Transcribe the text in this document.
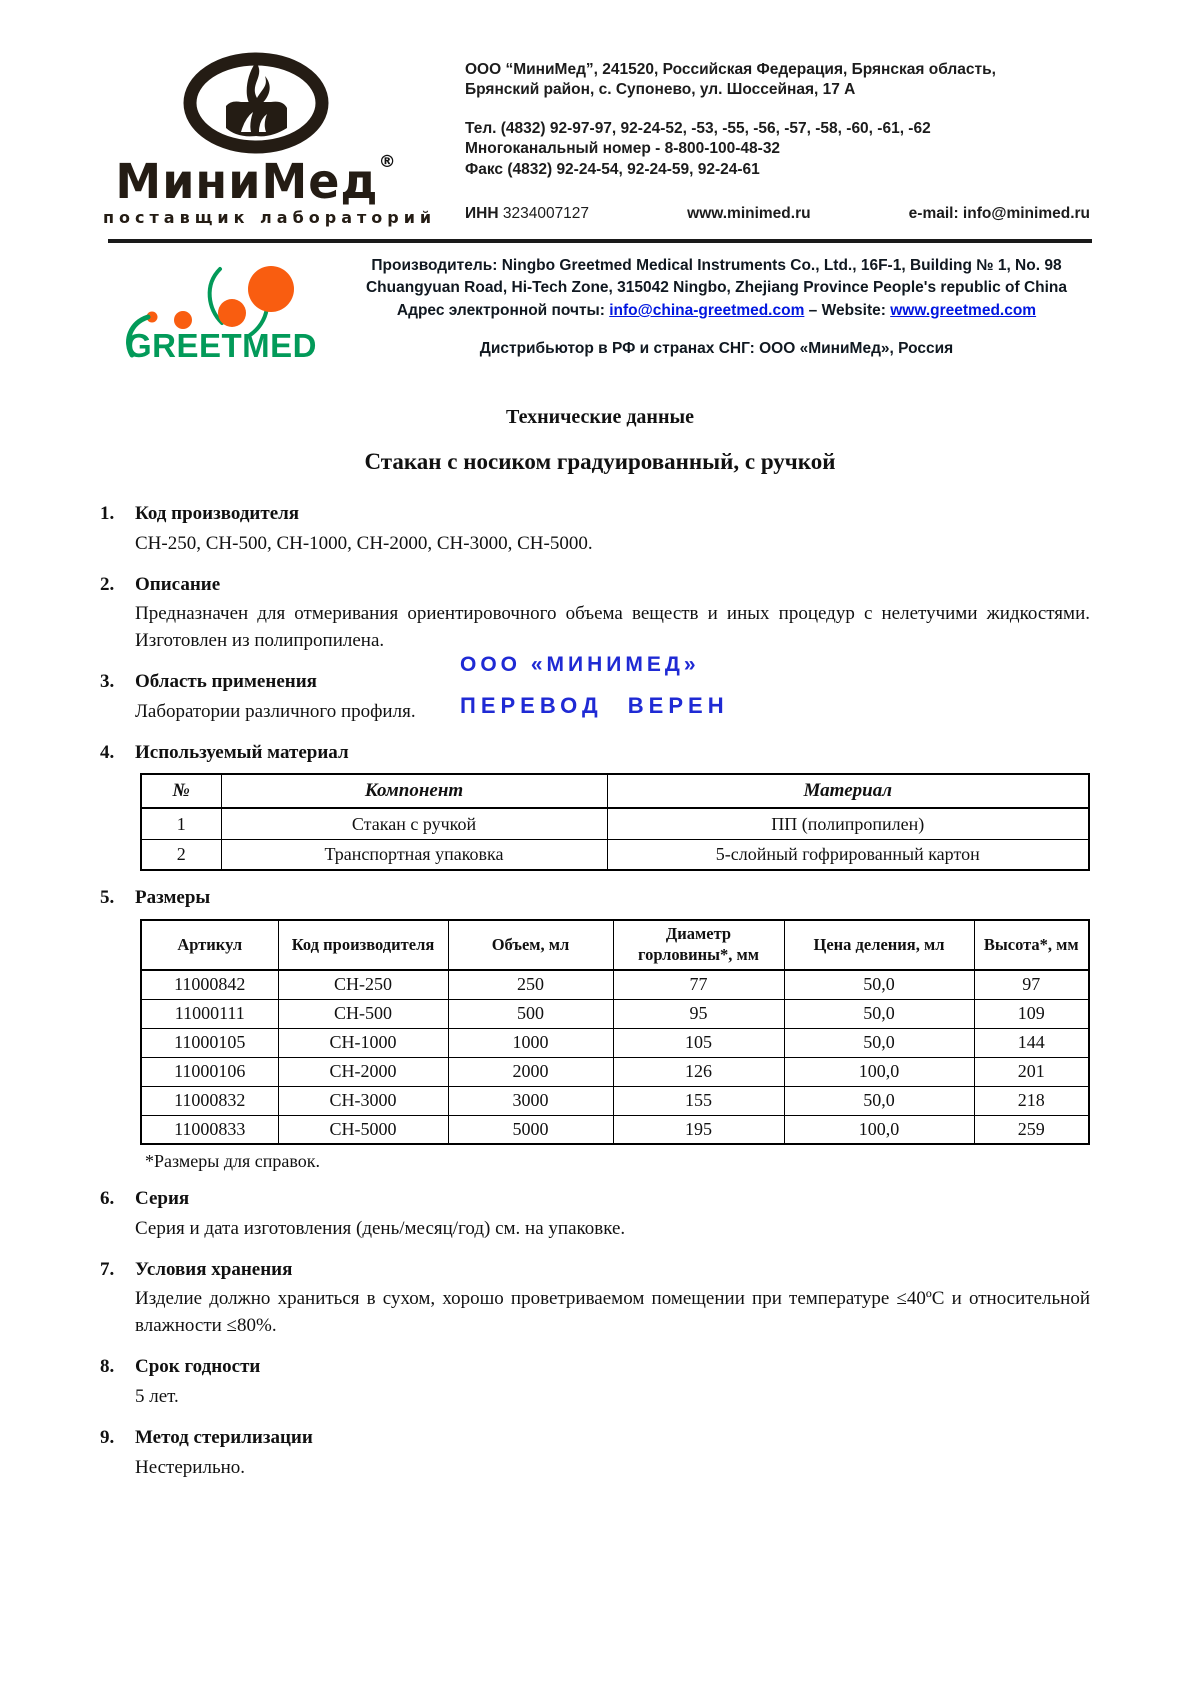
МиниМед®
поставщик лабораторий
ООО “МиниМед”, 241520, Российская Федерация, Брянская область,
Брянский район, с. Супонево, ул. Шоссейная, 17 А
Тел. (4832) 92-97-97, 92-24-52, -53, -55, -56, -57, -58, -60, -61, -62
Многоканальный номер - 8-800-100-48-32
Факс (4832) 92-24-54, 92-24-59, 92-24-61
ИНН 3234007127	www.minimed.ru	e-mail: info@minimed.ru
GREETMED
Производитель: Ningbo Greetmed Medical Instruments Co., Ltd., 16F-1, Building № 1, No. 98
Chuangyuan Road, Hi-Tech Zone, 315042 Ningbo, Zhejiang Province People's republic of China
Адрес электронной почты: info@china-greetmed.com – Website: www.greetmed.com
Дистрибьютор в РФ и странах СНГ: ООО «МиниМед», Россия
Технические данные
Стакан с носиком градуированный, с ручкой
ООО «МИНИМЕД»
ПЕРЕВОД ВЕРЕН
1.	Код производителя
СН-250, СН-500, СН-1000, СН-2000, СН-3000, СН-5000.
2.	Описание
Предназначен для отмеривания ориентировочного объема веществ и иных процедур с нелетучими жидкостями. Изготовлен из полипропилена.
3.	Область применения
Лаборатории различного профиля.
4.	Используемый материал
№	Компонент	Материал
1	Стакан с ручкой	ПП (полипропилен)
2	Транспортная упаковка	5-слойный гофрированный картон
5.	Размеры
Артикул	Код производителя	Объем, мл	Диаметр горловины*, мм	Цена деления, мл	Высота*, мм
11000842	СН-250	250	77	50,0	97
11000111	СН-500	500	95	50,0	109
11000105	СН-1000	1000	105	50,0	144
11000106	СН-2000	2000	126	100,0	201
11000832	СН-3000	3000	155	50,0	218
11000833	СН-5000	5000	195	100,0	259
*Размеры для справок.
6.	Серия
Серия и дата изготовления (день/месяц/год) см. на упаковке.
7.	Условия хранения
Изделие должно храниться в сухом, хорошо проветриваемом помещении при температуре ≤40ºС и относительной влажности ≤80%.
8.	Срок годности
5 лет.
9.	Метод стерилизации
Нестерильно.
